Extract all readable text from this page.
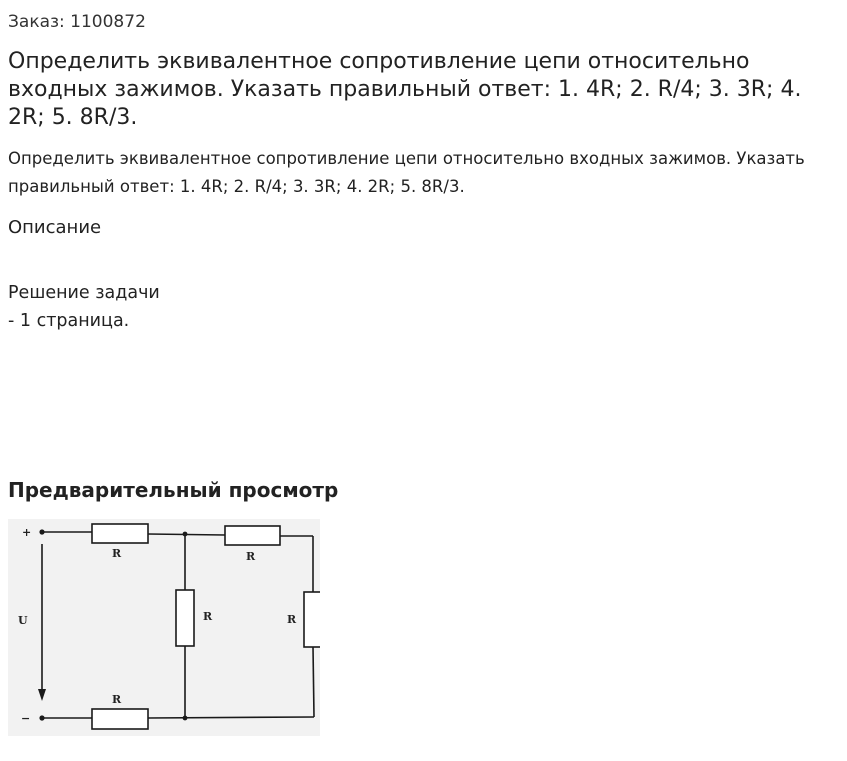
Заказ: 1100872
Определить эквивалентное сопротивление цепи относительно входных зажимов. Указать правильный ответ: 1. 4R; 2. R/4; 3. 3R; 4. 2R; 5. 8R/3.

Определить эквивалентное сопротивление цепи относительно входных зажимов. Указать правильный ответ: 1. 4R; 2. R/4; 3. 3R; 4. 2R; 5. 8R/3.

Описание
Решение задачи
- 1 страница.
Предварительный просмотр
+
−
U
R	R
R	R
R
